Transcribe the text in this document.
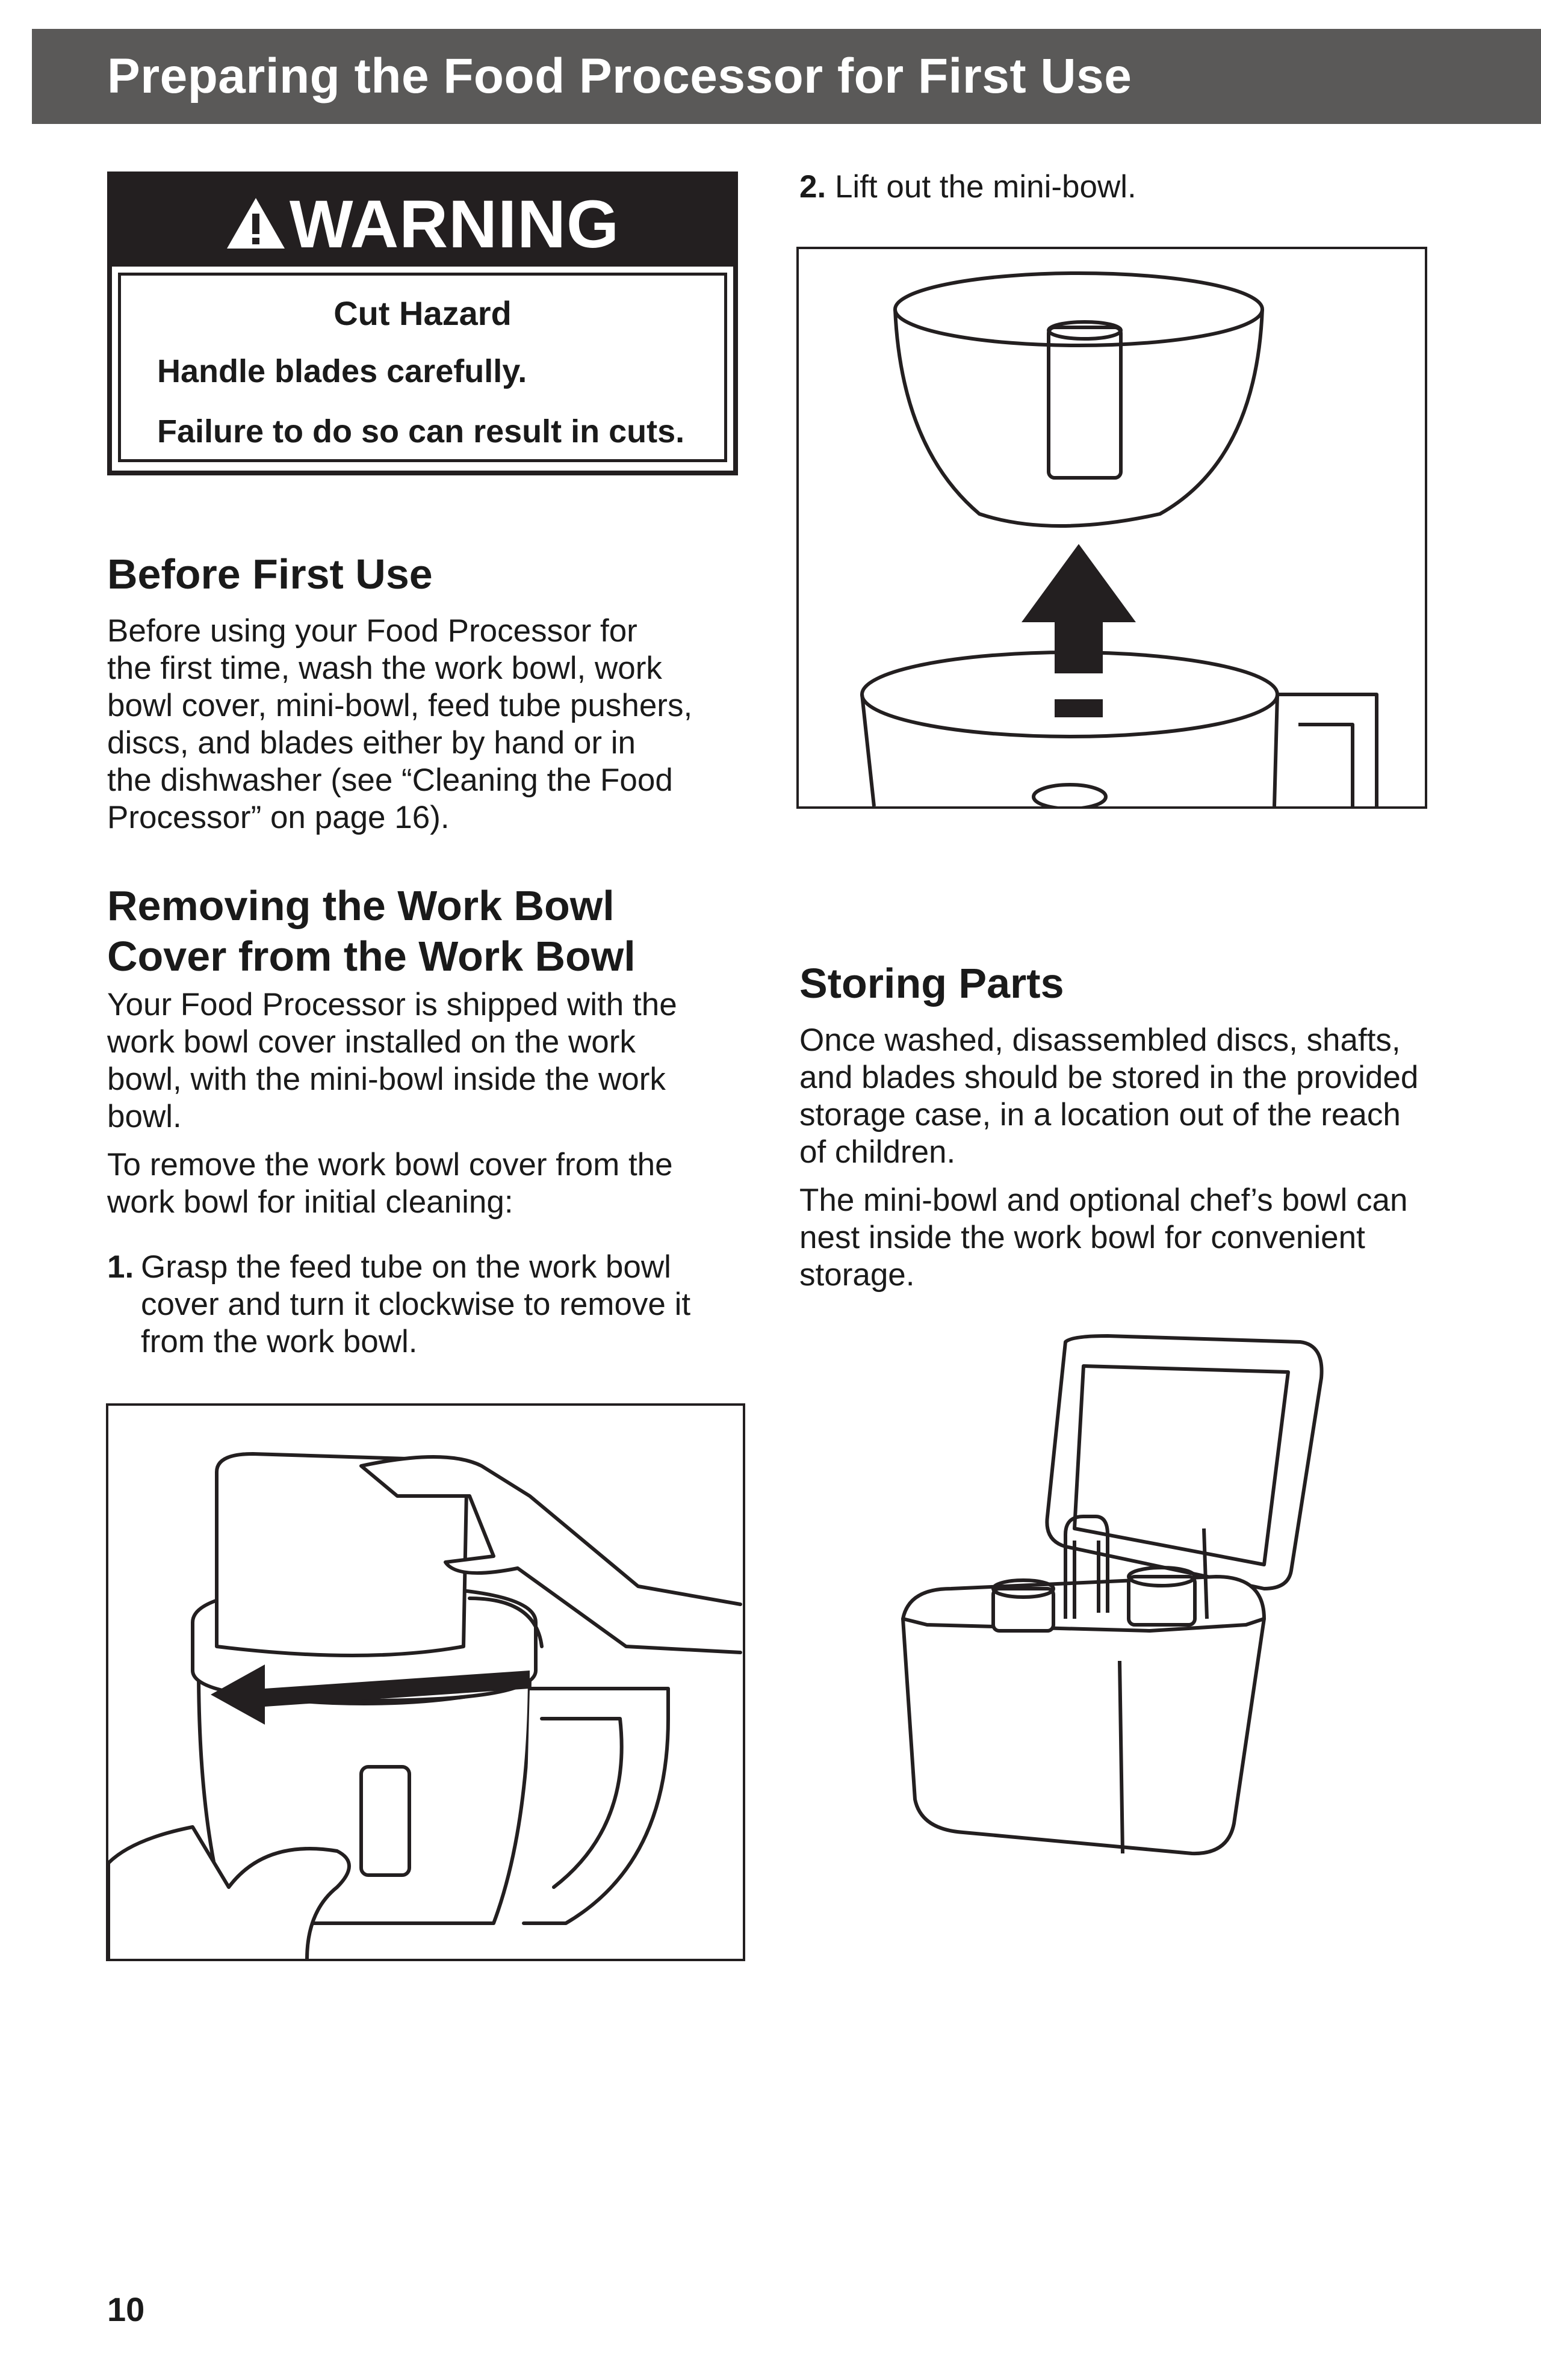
Preparing the Food Processor for First Use
WARNING
Cut Hazard
Handle blades carefully.
Failure to do so can result in cuts.
Before First Use

Before using your Food Processor for

the first time, wash the work bowl, work

bowl cover, mini-bowl, feed tube pushers,

discs, and blades either by hand or in

the dishwasher (see “Cleaning the Food

Processor” on page 16).

Removing the Work Bowl
Cover from the Work Bowl

Your Food Processor is shipped with the

work bowl cover installed on the work

bowl, with the mini-bowl inside the work

bowl.

To remove the work bowl cover from the

work bowl for initial cleaning:

1. Grasp the feed tube on the work bowl

cover and turn it clockwise to remove it

from the work bowl.

2. Lift out the mini-bowl.
Storing Parts

Once washed, disassembled discs, shafts,

and blades should be stored in the provided

storage case, in a location out of the reach

of children.

The mini-bowl and optional chef’s bowl can

nest inside the work bowl for convenient

storage.

10
